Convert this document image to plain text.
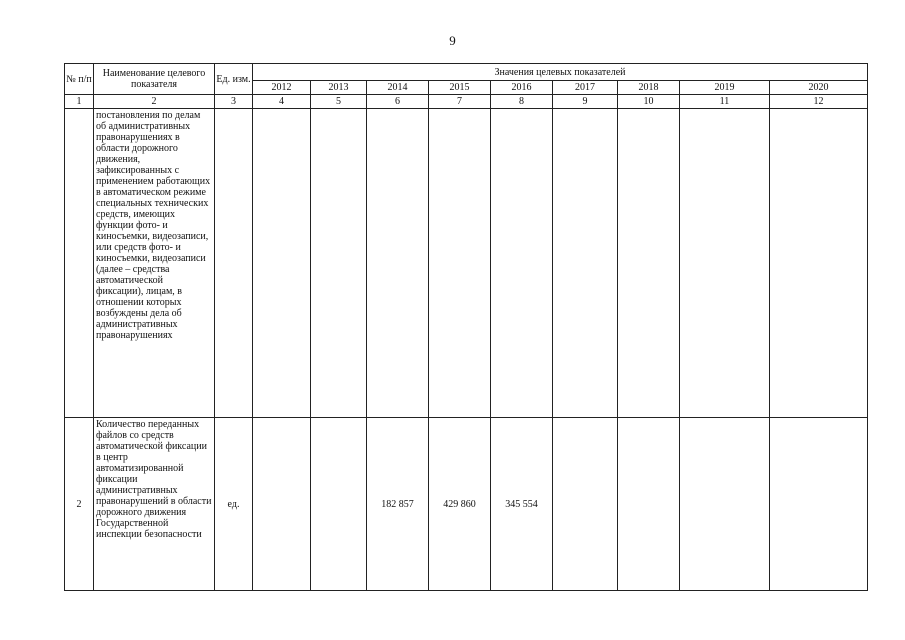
9
№ п/п	Наименование целевого показателя	Ед. изм.	Значения целевых показателей								
			2012	2013	2014	2015	2016	2017	2018	2019	2020
1	2	3	4	5	6	7	8	9	10	11	12
	постановления по делам об административных правонарушениях в области дорожного движения, зафиксированных с применением работающих в автоматическом режиме специальных технических средств, имеющих функции фото- и киносъемки, видеозаписи, или средств фото- и киносъемки, видеозаписи (далее – средства автоматической фиксации), лицам, в отношении которых возбуждены дела об административных правонарушениях										
2	Количество переданных файлов со средств автоматической фиксации в центр автоматизированной фиксации административных правонарушений в области дорожного движения Государственной инспекции безопасности	ед.			182 857	429 860	345 554				
